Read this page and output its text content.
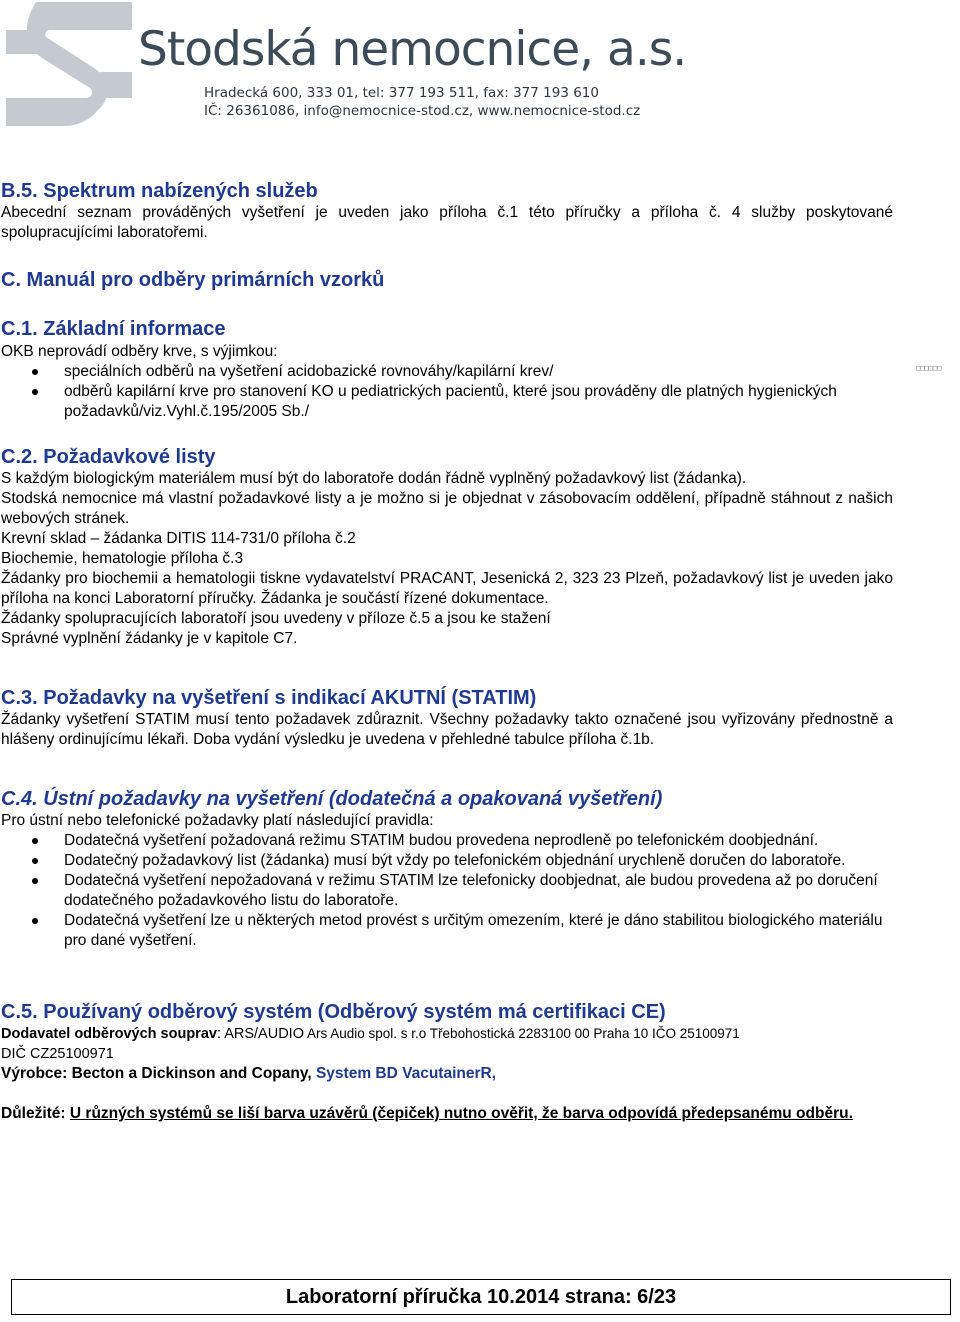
Stodská nemocnice, a.s.
Hradecká 600, 333 01, tel: 377 193 511, fax: 377 193 610
IČ: 26361086, info@nemocnice-stod.cz, www.nemocnice-stod.cz
□□□□□□
B.5. Spektrum nabízených služeb

Abecední seznam prováděných vyšetření je uveden jako příloha č.1 této příručky a příloha č. 4 služby poskytované spolupracujícími laboratořemi.

C. Manuál pro odběry primárních vzorků
C.1. Základní informace

OKB neprovádí odběry krve, s výjimkou:

speciálních odběrů na vyšetření acidobazické rovnováhy/kapilární krev/
odběrů kapilární krve pro stanovení KO u pediatrických pacientů, které jsou prováděny dle platných hygienických požadavků/viz.Vyhl.č.195/2005 Sb./
C.2. Požadavkové listy

S každým biologickým materiálem musí být do laboratoře dodán řádně vyplněný požadavkový list (žádanka).

Stodská nemocnice má vlastní požadavkové listy a je možno si je objednat v zásobovacím oddělení, případně stáhnout z našich webových stránek.

Krevní sklad – žádanka DITIS 114-731/0 příloha č.2

Biochemie, hematologie příloha č.3

Žádanky pro biochemii a hematologii tiskne vydavatelství PRACANT, Jesenická 2, 323 23 Plzeň, požadavkový list je uveden jako příloha na konci Laboratorní příručky. Žádanka je součástí řízené dokumentace.

Žádanky spolupracujících laboratoří jsou uvedeny v příloze č.5 a jsou ke stažení

Správné vyplnění žádanky je v kapitole C7.

C.3. Požadavky na vyšetření s indikací AKUTNÍ (STATIM)

Žádanky vyšetření STATIM musí tento požadavek zdůraznit. Všechny požadavky takto označené jsou vyřizovány přednostně a hlášeny ordinujícímu lékaři. Doba vydání výsledku je uvedena v přehledné tabulce příloha č.1b.

C.4. Ústní požadavky na vyšetření (dodatečná a opakovaná vyšetření)

Pro ústní nebo telefonické požadavky platí následující pravidla:

Dodatečná vyšetření požadovaná režimu STATIM budou provedena neprodleně po telefonickém doobjednání.
Dodatečný požadavkový list (žádanka) musí být vždy po telefonickém objednání urychleně doručen do laboratoře.
Dodatečná vyšetření nepožadovaná v režimu STATIM lze telefonicky doobjednat, ale budou provedena až po doručení dodatečného požadavkového listu do laboratoře.
Dodatečná vyšetření lze u některých metod provést s určitým omezením, které je dáno stabilitou biologického materiálu pro dané vyšetření.
C.5. Používaný odběrový systém (Odběrový systém má certifikaci CE)

Dodavatel odběrových souprav: ARS/AUDIO Ars Audio spol. s r.o Třebohostická 2283100 00 Praha 10 IČO 25100971

DIČ CZ25100971

Výrobce: Becton a Dickinson and Copany, System BD VacutainerR,

Důležité: U různých systémů se liší barva uzávěrů (čepiček) nutno ověřit, že barva odpovídá předepsanému odběru.

Laboratorní příručka 10.2014 strana: 6/23
